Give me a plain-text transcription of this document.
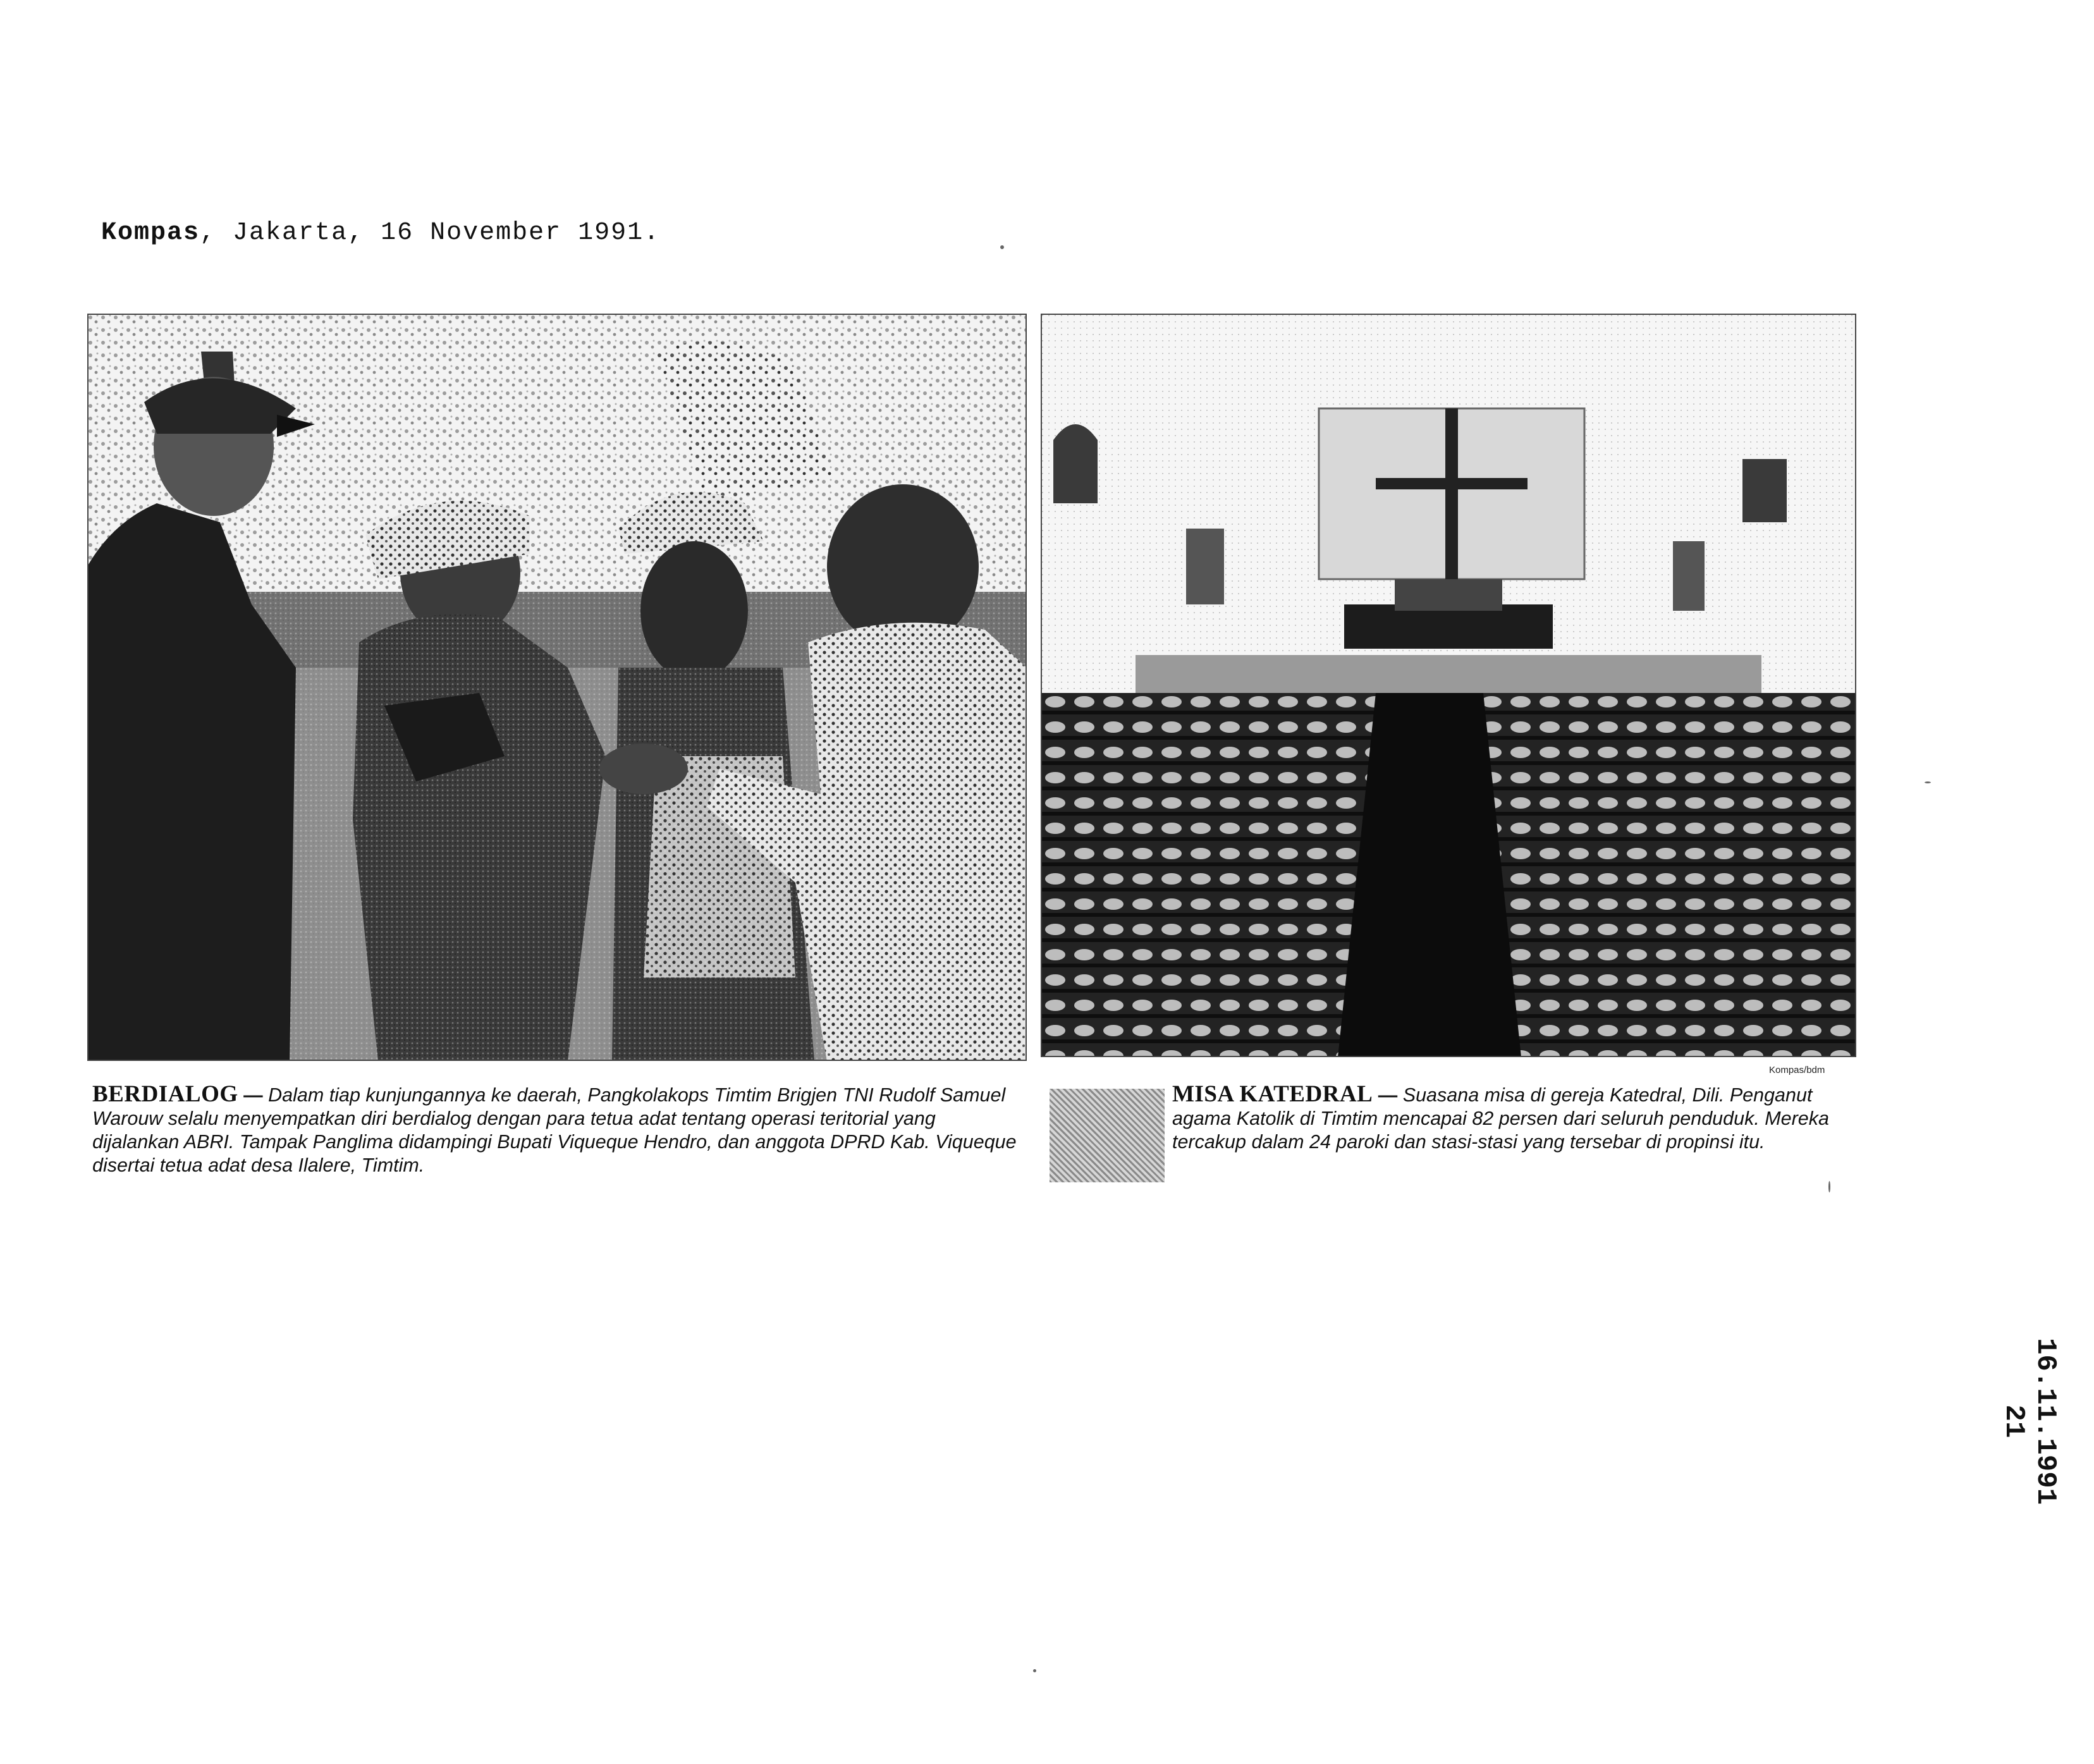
Kompas, Jakarta, 16 November 1991.
BERDIALOG — Dalam tiap kunjungannya ke daerah, Pangkolakops Timtim Brigjen TNI Rudolf Samuel Warouw selalu menyempatkan diri berdialog dengan para tetua adat tentang operasi teritorial yang dijalankan ABRI. Tampak Panglima didampingi Bupati Viqueque Hendro, dan anggota DPRD Kab. Viqueque disertai tetua adat desa Ilalere, Timtim.
Kompas/bdm
MISA KATEDRAL — Suasana misa di gereja Katedral, Dili. Penganut agama Katolik di Timtim mencapai 82 persen dari seluruh penduduk. Mereka tercakup dalam 24 paroki dan stasi-stasi yang tersebar di propinsi itu.
16.11.1991
21
